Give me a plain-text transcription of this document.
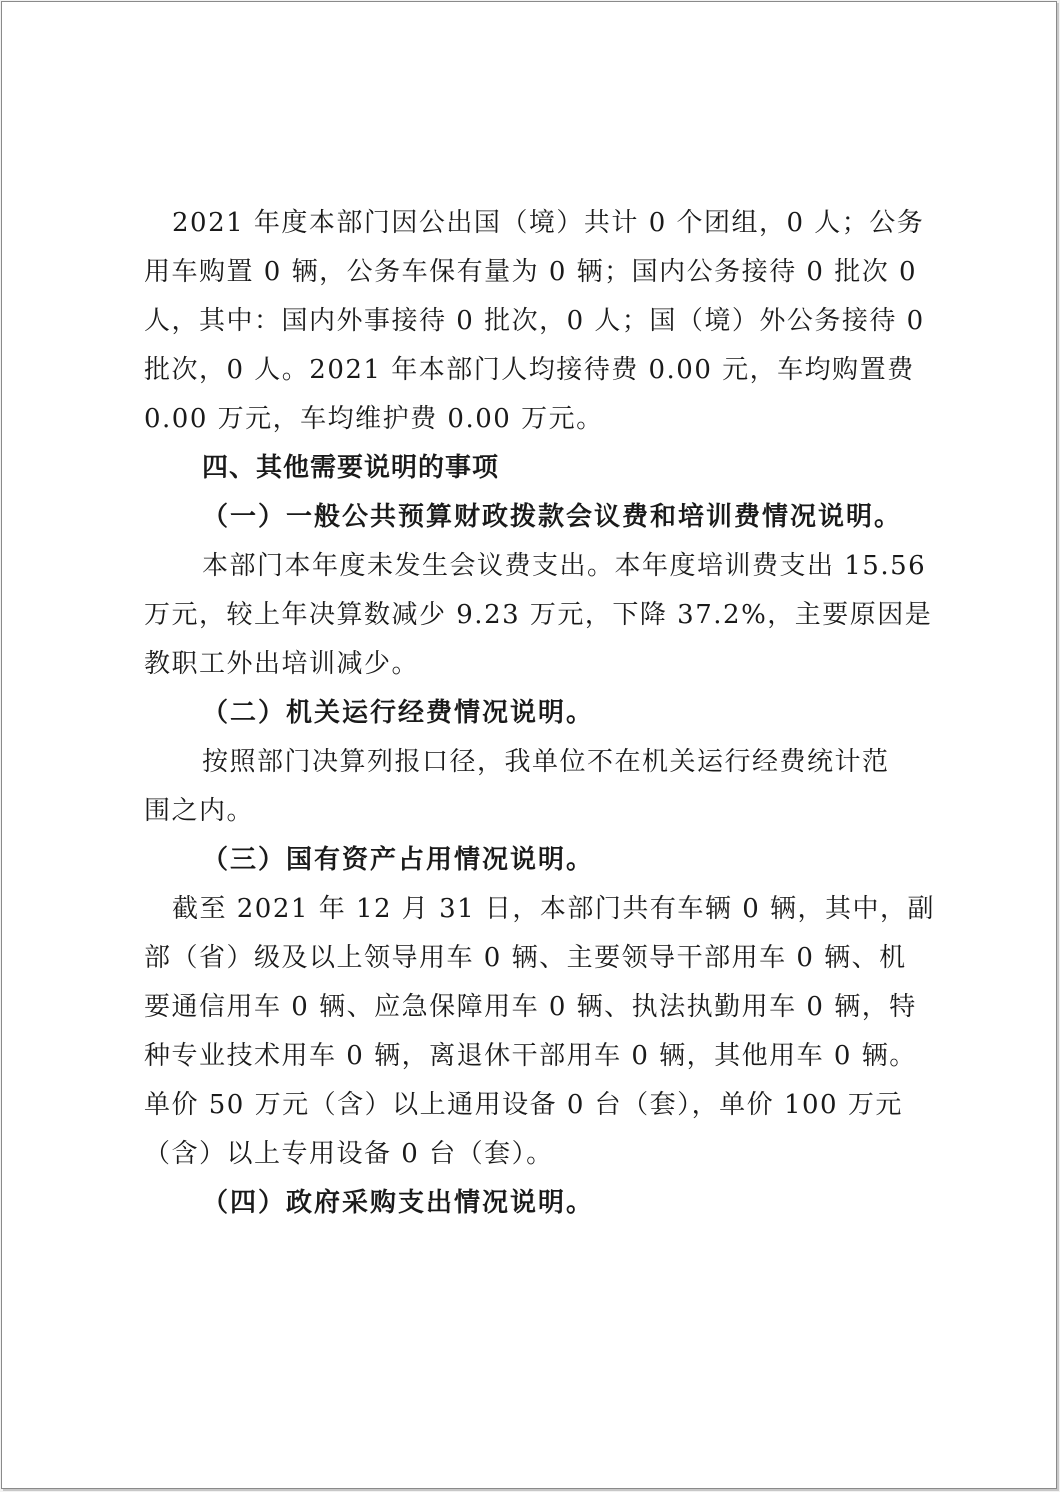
2021 年度本部门因公出国（境）共计 0 个团组，0 人；公务
用车购置 0 辆，公务车保有量为 0 辆；国内公务接待 0 批次 0
人，其中：国内外事接待 0 批次，0 人；国（境）外公务接待 0
批次，0 人。2021 年本部门人均接待费 0.00 元，车均购置费
0.00 万元，车均维护费 0.00 万元。
四、其他需要说明的事项
（一）一般公共预算财政拨款会议费和培训费情况说明。
本部门本年度未发生会议费支出。本年度培训费支出 15.56
万元，较上年决算数减少 9.23 万元，下降 37.2%，主要原因是
教职工外出培训减少。
（二）机关运行经费情况说明。
按照部门决算列报口径，我单位不在机关运行经费统计范
围之内。
（三）国有资产占用情况说明。
截至 2021 年 12 月 31 日，本部门共有车辆 0 辆，其中，副
部（省）级及以上领导用车 0 辆、主要领导干部用车 0 辆、机
要通信用车 0 辆、应急保障用车 0 辆、执法执勤用车 0 辆，特
种专业技术用车 0 辆，离退休干部用车 0 辆，其他用车 0 辆。
单价 50 万元（含）以上通用设备 0 台（套），单价 100 万元
（含）以上专用设备 0 台（套）。
（四）政府采购支出情况说明。
